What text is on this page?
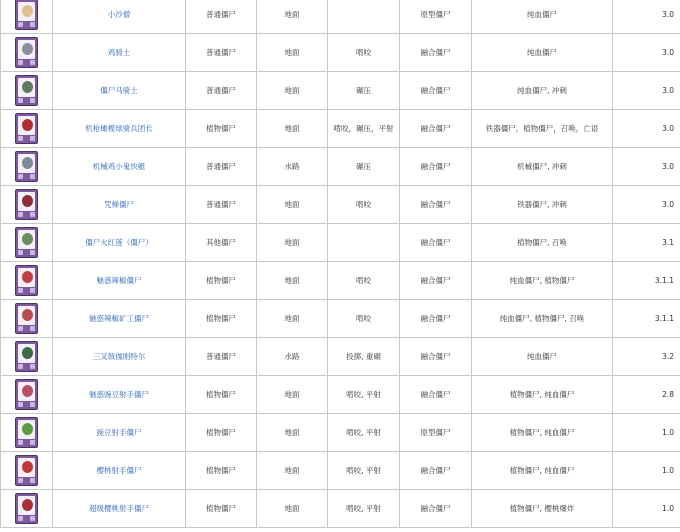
	小沙僧	普通僵尸	地面		原型僵尸	纯血僵尸	3.0

	鸡骑士	普通僵尸	地面	啃咬	融合僵尸	纯血僵尸	3.0

	僵尸马骑士	普通僵尸	地面	碾压	融合僵尸	纯血僵尸, 冲刺	3.0

	机枪橄榄球骑兵团长	植物僵尸	地面	啃咬，碾压，平射	融合僵尸	铁器僵尸，植物僵尸，召唤，亡语	3.0

	机械鸡小鬼快艇	普通僵尸	水路	碾压	融合僵尸	机械僵尸, 冲刺	3.0

	咒梯僵尸	普通僵尸	地面	啃咬	融合僵尸	铁器僵尸, 冲刺	3.0

	僵尸火红莲（僵尸）	其他僵尸	地面		融合僵尸	植物僵尸, 召唤	3.1

	魅惑辣椒僵尸	植物僵尸	地面	啃咬	融合僵尸	纯血僵尸, 植物僵尸	3.1.1

	魅惑辣椒矿工僵尸	植物僵尸	地面	啃咬	融合僵尸	纯血僵尸, 植物僵尸, 召唤	3.1.1

	三叉戟伽刚特尔	普通僵尸	水路	投掷, 重碾	融合僵尸	纯血僵尸	3.2

	魅惑豌豆射手僵尸	植物僵尸	地面	啃咬, 平射	融合僵尸	植物僵尸, 纯血僵尸	2.8

	豌豆射手僵尸	植物僵尸	地面	啃咬, 平射	原型僵尸	植物僵尸, 纯血僵尸	1.0

	樱桃射手僵尸	植物僵尸	地面	啃咬, 平射	融合僵尸	植物僵尸, 纯血僵尸	1.0

	超级樱桃射手僵尸	植物僵尸	地面	啃咬, 平射	融合僵尸	植物僵尸, 樱桃爆炸	1.0
